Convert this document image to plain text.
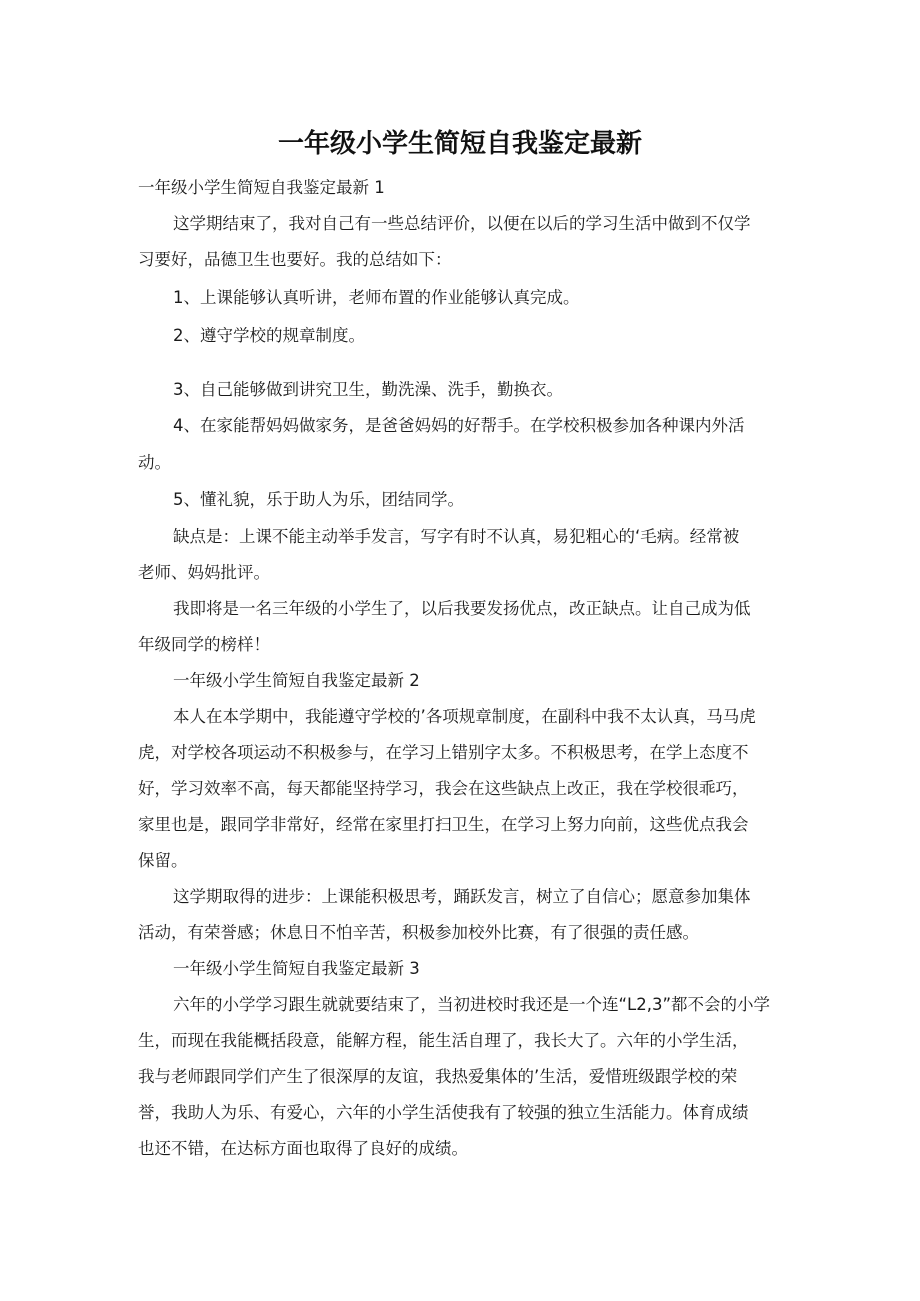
一年级小学生简短自我鉴定最新
一年级小学生简短自我鉴定最新 1
这学期结束了，我对自己有一些总结评价，以便在以后的学习生活中做到不仅学
习要好，品德卫生也要好。我的总结如下：
1、上课能够认真听讲，老师布置的作业能够认真完成。
2、遵守学校的规章制度。
3、自己能够做到讲究卫生，勤洗澡、洗手，勤换衣。
4、在家能帮妈妈做家务，是爸爸妈妈的好帮手。在学校积极参加各种课内外活
动。
5、懂礼貌，乐于助人为乐，团结同学。
缺点是：上课不能主动举手发言，写字有时不认真，易犯粗心的‘毛病。经常被
老师、妈妈批评。
我即将是一名三年级的小学生了，以后我要发扬优点，改正缺点。让自己成为低
年级同学的榜样！
一年级小学生简短自我鉴定最新 2
本人在本学期中，我能遵守学校的’各项规章制度，在副科中我不太认真，马马虎
虎，对学校各项运动不积极参与，在学习上错别字太多。不积极思考，在学上态度不
好，学习效率不高，每天都能坚持学习，我会在这些缺点上改正，我在学校很乖巧，
家里也是，跟同学非常好，经常在家里打扫卫生，在学习上努力向前，这些优点我会
保留。
这学期取得的进步：上课能积极思考，踊跃发言，树立了自信心；愿意参加集体
活动，有荣誉感；休息日不怕辛苦，积极参加校外比赛，有了很强的责任感。
一年级小学生简短自我鉴定最新 3
六年的小学学习跟生就就要结束了，当初进校时我还是一个连“L2,3”都不会的小学
生，而现在我能概括段意，能解方程，能生活自理了，我长大了。六年的小学生活，
我与老师跟同学们产生了很深厚的友谊，我热爱集体的’生活，爱惜班级跟学校的荣
誉，我助人为乐、有爱心，六年的小学生活使我有了较强的独立生活能力。体育成绩
也还不错，在达标方面也取得了良好的成绩。
